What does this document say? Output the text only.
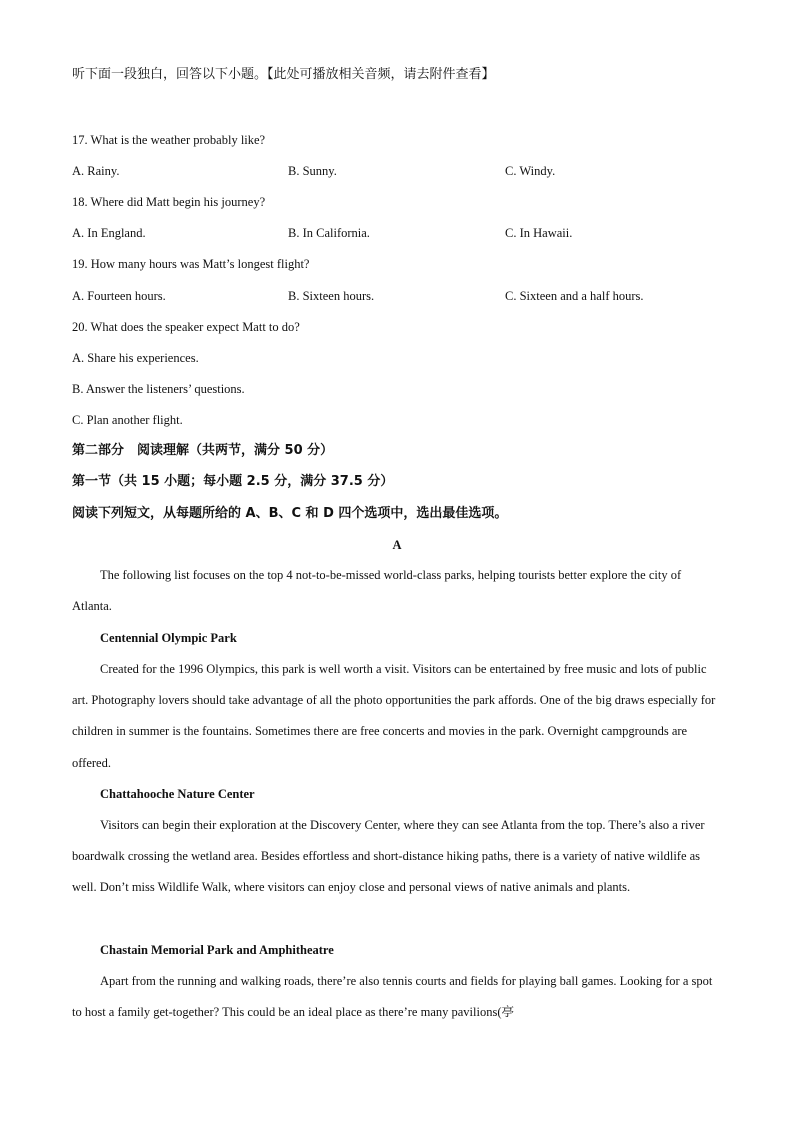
听下面一段独白，回答以下小题。【此处可播放相关音频，请去附件查看】
17. What is the weather probably like?
A. Rainy.	B. Sunny.	C. Windy.
18. Where did Matt begin his journey?
A. In England.	B. In California.	C. In Hawaii.
19. How many hours was Matt’s longest flight?
A. Fourteen hours.	B. Sixteen hours.	C. Sixteen and a half hours.
20. What does the speaker expect Matt to do?
A. Share his experiences.
B. Answer the listeners’ questions.
C. Plan another flight.
第二部分　阅读理解（共两节，满分 50 分）
第一节（共 15 小题；每小题 2.5 分，满分 37.5 分）
阅读下列短文，从每题所给的 A、B、C 和 D 四个选项中，选出最佳选项。
A
The following list focuses on the top 4 not-to-be-missed world-class parks, helping tourists better explore the city of Atlanta.
Centennial Olympic Park
Created for the 1996 Olympics, this park is well worth a visit. Visitors can be entertained by free music and lots of public art. Photography lovers should take advantage of all the photo opportunities the park affords. One of the big draws especially for children in summer is the fountains. Sometimes there are free concerts and movies in the park. Overnight campgrounds are offered.
Chattahooche Nature Center
Visitors can begin their exploration at the Discovery Center, where they can see Atlanta from the top. There’s also a river boardwalk crossing the wetland area. Besides effortless and short-distance hiking paths, there is a variety of native wildlife as well. Don’t miss Wildlife Walk, where visitors can enjoy close and personal views of native animals and plants.
Chastain Memorial Park and Amphitheatre
Apart from the running and walking roads, there’re also tennis courts and fields for playing ball games. Looking for a spot to host a family get-together? This could be an ideal place as there’re many pavilions(亭
